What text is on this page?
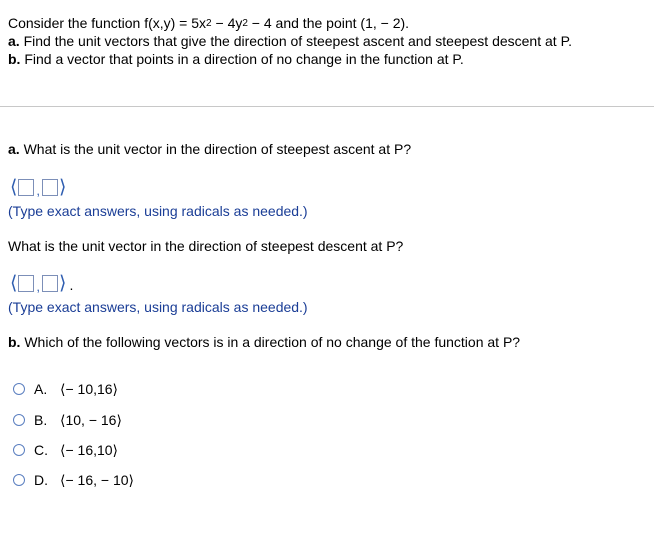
Consider the function $f(x,y) = 5x^2 - 4y^2 - 4$ and the point (1, − 2).
a. Find the unit vectors that give the direction of steepest ascent and steepest descent at P.
b. Find a vector that points in a direction of no change in the function at P.
a. What is the unit vector in the direction of steepest ascent at P?
⟨ , ⟩
(Type exact answers, using radicals as needed.)
What is the unit vector in the direction of steepest descent at P?
⟨ , ⟩ .
(Type exact answers, using radicals as needed.)
b. Which of the following vectors is in a direction of no change of the function at P?
A. ⟨− 10,16⟩
B. ⟨10, − 16⟩
C. ⟨− 16,10⟩
D. ⟨− 16, − 10⟩
